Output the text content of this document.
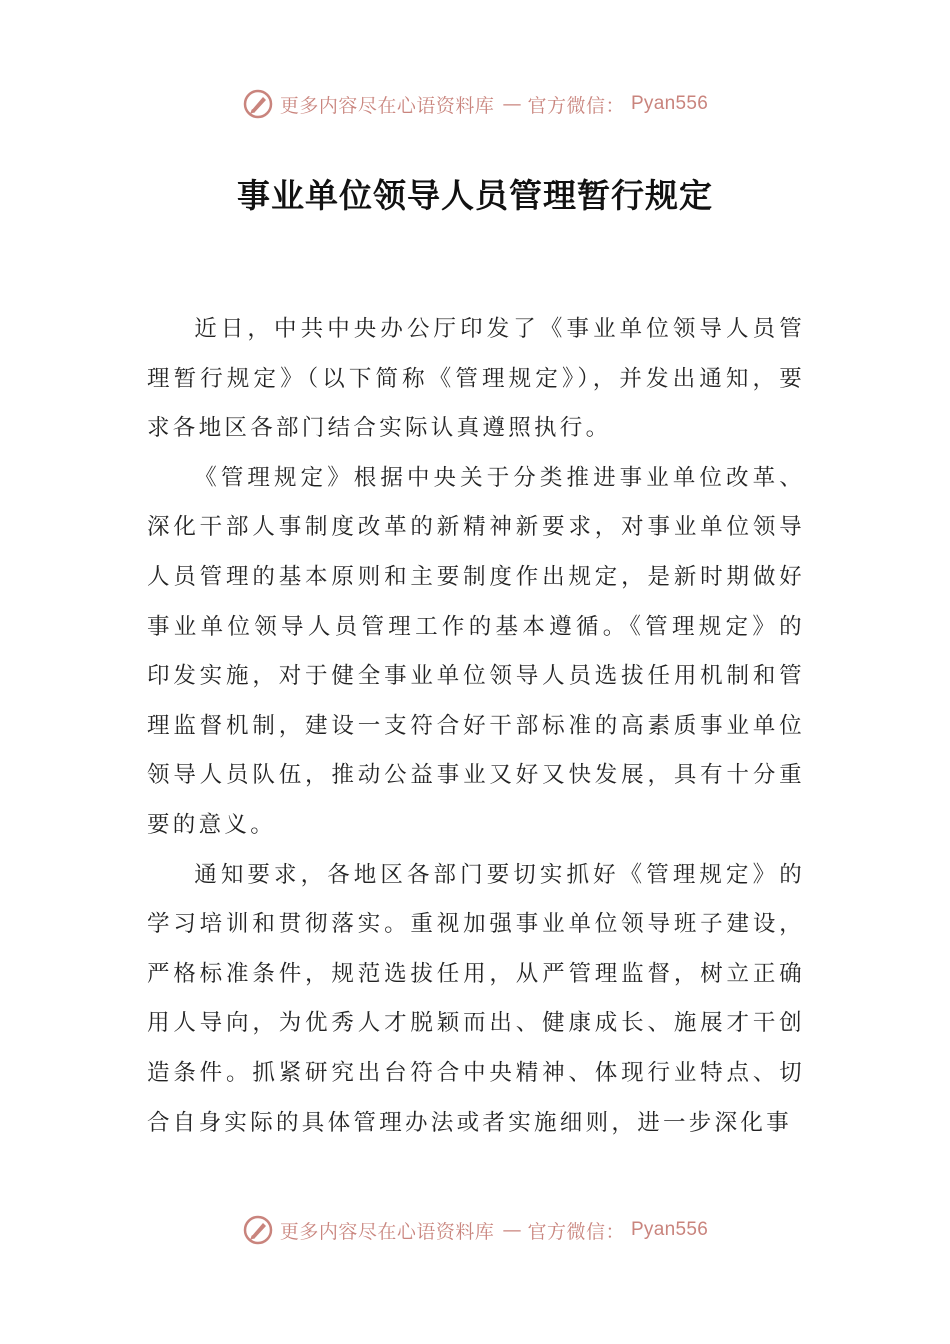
更多内容尽在心语资料库 — 官方微信： Pyan556
事业单位领导人员管理暂行规定

近日，中共中央办公厅印发了《事业单位领导人员管理暂行规定》（以下简称《管理规定》），并发出通知，要求各地区各部门结合实际认真遵照执行。

《管理规定》根据中央关于分类推进事业单位改革、深化干部人事制度改革的新精神新要求，对事业单位领导人员管理的基本原则和主要制度作出规定，是新时期做好事业单位领导人员管理工作的基本遵循。《管理规定》的印发实施，对于健全事业单位领导人员选拔任用机制和管理监督机制，建设一支符合好干部标准的高素质事业单位领导人员队伍，推动公益事业又好又快发展，具有十分重要的意义。

通知要求，各地区各部门要切实抓好《管理规定》的学习培训和贯彻落实。重视加强事业单位领导班子建设，严格标准条件，规范选拔任用，从严管理监督，树立正确用人导向，为优秀人才脱颖而出、健康成长、施展才干创造条件。抓紧研究出台符合中央精神、体现行业特点、切合自身实际的具体管理办法或者实施细则，进一步深化事

更多内容尽在心语资料库 — 官方微信： Pyan556
